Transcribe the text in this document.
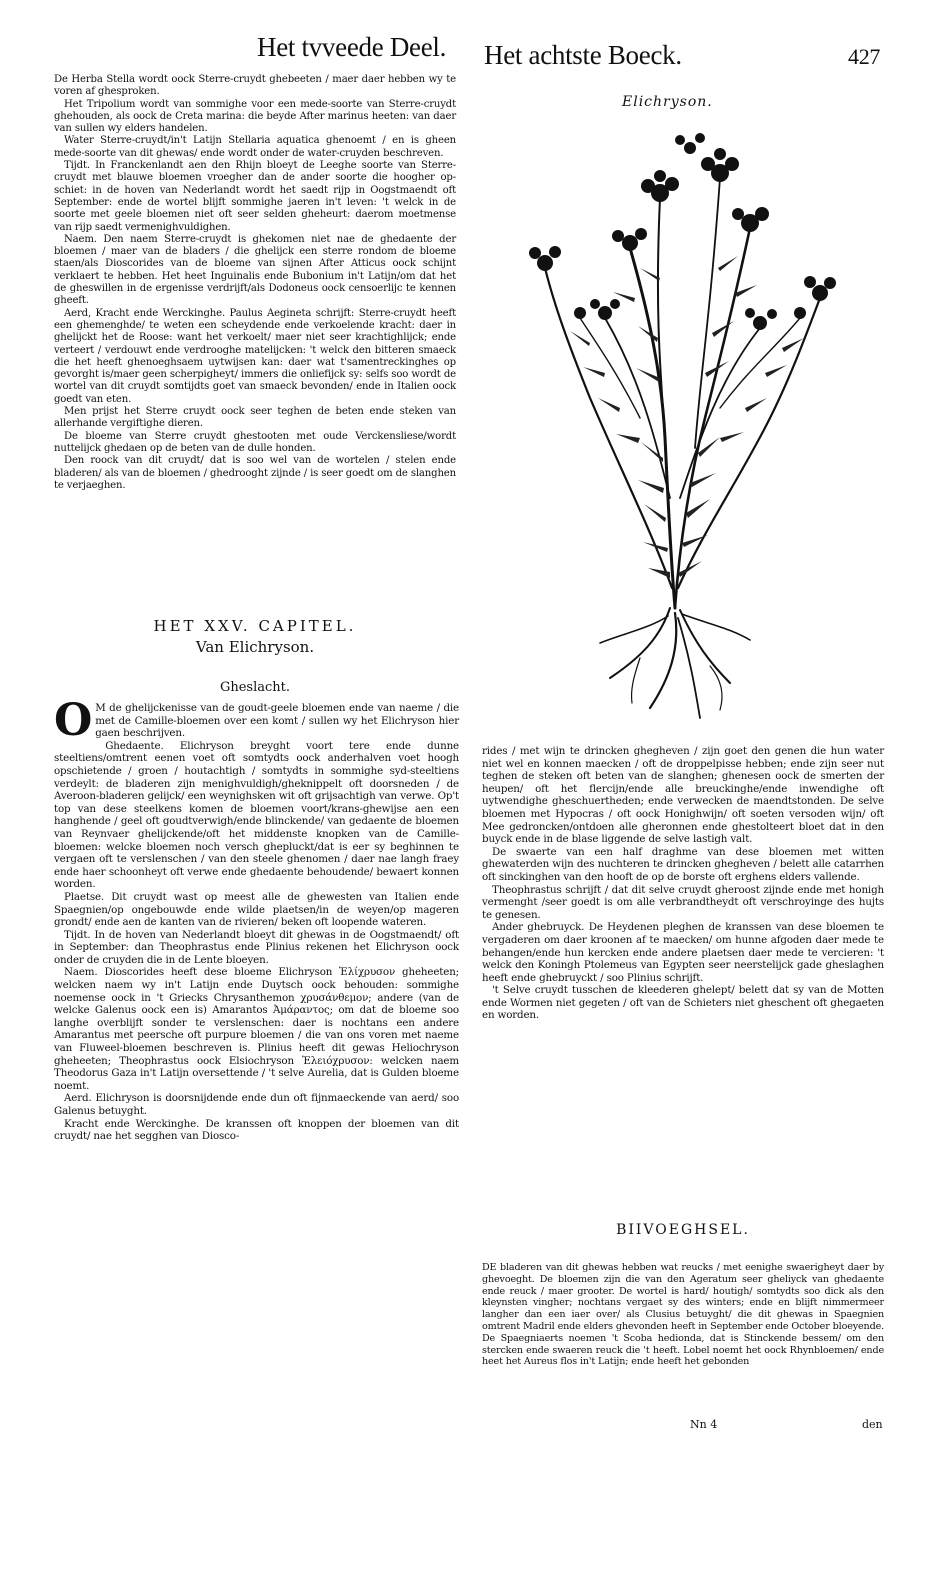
Het tvveede Deel. Het achtste Boeck.	427

De Herba Stella wordt oock Sterre-cruydt ghebeeten / maer daer hebben wy te voren af ghesproken.

Het Tripolium wordt van sommighe voor een mede-soorte van Sterre-cruydt ghehouden, als oock de Creta marina: die beyde After marinus heeten: van daer van sullen wy elders handelen.

Water Sterre-cruydt/in't Latijn Stellaria aquatica ghenoemt / en is gheen mede-soorte van dit ghewas/ ende wordt onder de water-cruyden beschreven.

Tijdt. In Franckenlandt aen den Rhijn bloeyt de Leeghe soorte van Sterre-cruydt met blauwe bloemen vroegher dan de ander soorte die hoogher op-schiet: in de hoven van Nederlandt wordt het saedt rijp in Oogstmaendt oft September: ende de wortel blijft sommighe jaeren in't leven: 't welck in de soorte met geele bloemen niet oft seer selden gheheurt: daerom moetmense van rijp saedt vermenighvuldighen.

Naem. Den naem Sterre-cruydt is ghekomen niet nae de ghedaente der bloemen / maer van de bladers / die ghelijck een sterre rondom de bloeme staen/als Dioscorides van de bloeme van sijnen After Atticus oock schijnt verklaert te hebben. Het heet Inguinalis ende Bubonium in't Latijn/om dat het de gheswillen in de ergenisse verdrijft/als Dodoneus oock censoerlijc te kennen gheeft.

Aerd, Kracht ende Werckinghe. Paulus Aegineta schrijft: Sterre-cruydt heeft een ghemenghde/ te weten een scheydende ende verkoelende kracht: daer in ghelijckt het de Roose: want het verkoelt/ maer niet seer krachtighlijck; ende verteert / verdouwt ende verdrooghe matelijcken: 't welck den bitteren smaeck die het heeft ghenoeghsaem uytwijsen kan: daer wat t'samentreckinghes op gevorght is/maer geen scherpigheyt/ immers die onliefijck sy: selfs soo wordt de wortel van dit cruydt somtijdts goet van smaeck bevonden/ ende in Italien oock goedt van eten.

Men prijst het Sterre cruydt oock seer teghen de beten ende steken van allerhande vergiftighe dieren.

De bloeme van Sterre cruydt ghestooten met oude Verckensliese/wordt nuttelijck ghedaen op de beten van de dulle honden.

Den roock van dit cruydt/ dat is soo wel van de wortelen / stelen ende bladeren/ als van de bloemen / ghedrooght zijnde / is seer goedt om de slanghen te verjaeghen.

HET XXV. CAPITEL.
Van Elichryson.
Gheslacht.
O M de ghelijckenisse van de goudt-geele bloemen ende van naeme / die met de Camille-bloemen over een komt / sullen wy het Elichryson hier gaen beschrijven.

Ghedaente. Elichryson breyght voort tere ende dunne steeltiens/omtrent eenen voet oft somtydts oock anderhalven voet hoogh opschietende / groen / houtachtigh / somtydts in sommighe syd-steeltiens verdeylt: de bladeren zijn menighvuldigh/gheknippelt oft doorsneden / de Averoon-bladeren gelijck/ een weynighsken wit oft grijsachtigh van verwe. Op't top van dese steelkens komen de bloemen voort/krans-ghewijse aen een hanghende / geel oft goudtverwigh/ende blinckende/ van gedaente de bloemen van Reynvaer ghelijckende/oft het middenste knopken van de Camille-bloemen: welcke bloemen noch versch ghepluckt/dat is eer sy beghinnen te vergaen oft te verslenschen / van den steele ghenomen / daer nae langh fraey ende haer schoonheyt oft verwe ende ghedaente behoudende/ bewaert konnen worden.

Plaetse. Dit cruydt wast op meest alle de ghewesten van Italien ende Spaegnien/op ongebouwde ende wilde plaetsen/in de weyen/op mageren grondt/ ende aen de kanten van de rivieren/ beken oft loopende wateren.

Tijdt. In de hoven van Nederlandt bloeyt dit ghewas in de Oogstmaendt/ oft in September: dan Theophrastus ende Plinius rekenen het Elichryson oock onder de cruyden die in de Lente bloeyen.

Naem. Dioscorides heeft dese bloeme Elichryson Ἑλίχρυσον gheheeten; welcken naem wy in't Latijn ende Duytsch oock behouden: sommighe noemense oock in 't Griecks Chrysanthemon χρυσάνθεμον; andere (van de welcke Galenus oock een is) Amarantos Ἀμάραντος; om dat de bloeme soo langhe overblijft sonder te verslenschen: daer is nochtans een andere Amarantus met peersche oft purpure bloemen / die van ons voren met naeme van Fluweel-bloemen beschreven is. Plinius heeft dit gewas Heliochryson gheheeten; Theophrastus oock Elsiochryson Ἐλειόχρυσον: welcken naem Theodorus Gaza in't Latijn oversettende / 't selve Aurelia, dat is Gulden bloeme noemt.

Aerd. Elichryson is doorsnijdende ende dun oft fijnmaeckende van aerd/ soo Galenus betuyght.

Kracht ende Werckinghe. De kranssen oft knoppen der bloemen van dit cruydt/ nae het segghen van Diosco-

Elichryson.

rides / met wijn te drincken ghegheven / zijn goet den genen die hun water niet wel en konnen maecken / oft de droppelpisse hebben; ende zijn seer nut teghen de steken oft beten van de slanghen; ghenesen oock de smerten der heupen/ oft het flercijn/ende alle breuckinghe/ende inwendighe oft uytwendighe gheschuertheden; ende verwecken de maendtstonden. De selve bloemen met Hypocras / oft oock Honighwijn/ oft soeten versoden wijn/ oft Mee gedroncken/ontdoen alle gheronnen ende ghestolteert bloet dat in den buyck ende in de blase liggende de selve lastigh valt.

De swaerte van een half draghme van dese bloemen met witten ghewaterden wijn des nuchteren te drincken ghegheven / belett alle catarrhen oft sinckinghen van den hooft de op de borste oft erghens elders vallende.

Theophrastus schrijft / dat dit selve cruydt gheroost zijnde ende met honigh vermenght /seer goedt is om alle verbrandtheydt oft verschroyinge des hujts te genesen.

Ander ghebruyck. De Heydenen pleghen de kranssen van dese bloemen te vergaderen om daer kroonen af te maecken/ om hunne afgoden daer mede te behangen/ende hun kercken ende andere plaetsen daer mede te vercieren: 't welck den Koningh Ptolemeus van Egypten seer neerstelijck gade gheslaghen heeft ende ghebruyckt / soo Plinius schrijft.

't Selve cruydt tusschen de kleederen ghelept/ belett dat sy van de Motten ende Wormen niet gegeten / oft van de Schieters niet gheschent oft ghegaeten en worden.

BIIVOEGHSEL.

DE bladeren van dit ghewas hebben wat reucks / met eenighe swaerigheyt daer by ghevoeght. De bloemen zijn die van den Ageratum seer gheliyck van ghedaente ende reuck / maer grooter. De wortel is hard/ houtigh/ somtydts soo dick als den kleynsten vingher; nochtans vergaet sy des winters; ende en blijft nimmermeer langher dan een iaer over/ als Clusius betuyght/ die dit ghewas in Spaegnien omtrent Madril ende elders ghevonden heeft in September ende October bloeyende. De Spaegniaerts noemen 't Scoba hedionda, dat is Stinckende bessem/ om den stercken ende swaeren reuck die 't heeft. Lobel noemt het oock Rhynbloemen/ ende heet het Aureus flos in't Latijn; ende heeft het gebonden

Nn 4	den
